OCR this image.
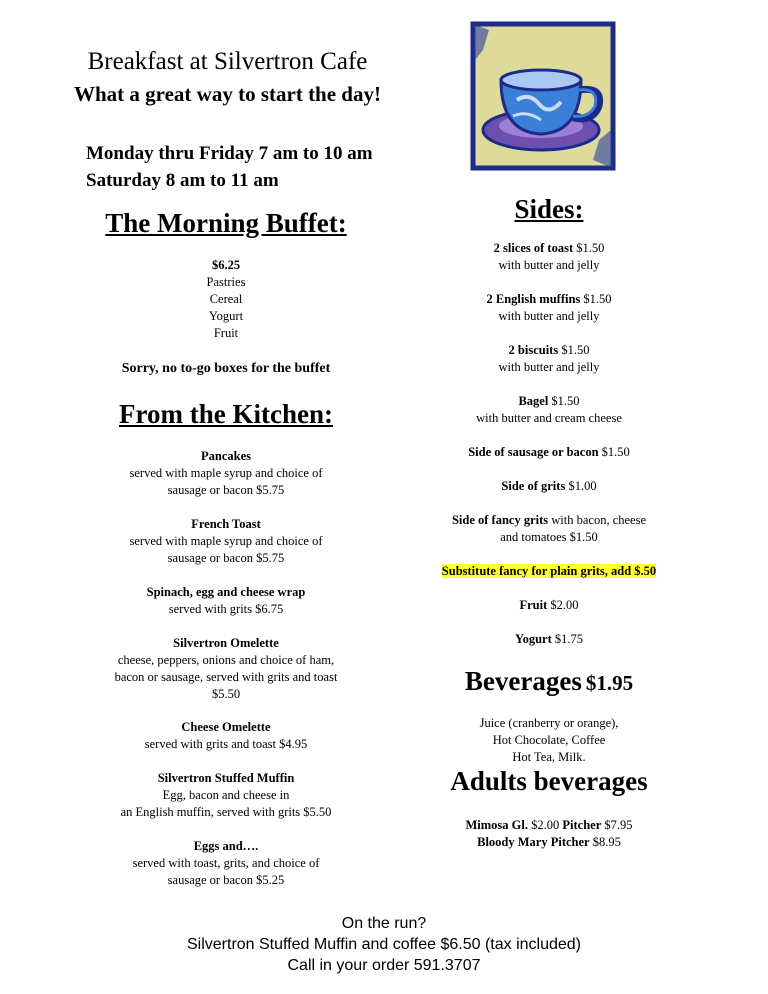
Breakfast at Silvertron Cafe
What a great way to start the day!
Monday thru Friday 7 am to 10 am
Saturday 8 am to 11 am
The Morning Buffet:
$6.25
Pastries
Cereal
Yogurt
Fruit
Sorry, no to-go boxes for the buffet
From the Kitchen:
Pancakes
served with maple syrup and choice of
sausage or bacon $5.75
French Toast
served with maple syrup and choice of
sausage or bacon $5.75
Spinach, egg and cheese wrap
served with grits $6.75
Silvertron Omelette
cheese, peppers, onions and choice of ham,
bacon or sausage, served with grits and toast
$5.50
Cheese Omelette
served with grits and toast $4.95
Silvertron Stuffed Muffin
Egg, bacon and cheese in
an English muffin, served with grits $5.50
Eggs and….
served with toast, grits, and choice of
sausage or bacon $5.25
Sides:
2 slices of toast $1.50
with butter and jelly
2 English muffins $1.50
with butter and jelly
2 biscuits $1.50
with butter and jelly
Bagel $1.50
with butter and cream cheese
Side of sausage or bacon $1.50
Side of grits $1.00
Side of fancy grits with bacon, cheese
and tomatoes $1.50
Substitute fancy for plain grits, add $.50
Fruit $2.00
Yogurt $1.75
Beverages $1.95
Juice (cranberry or orange),
Hot Chocolate, Coffee
Hot Tea, Milk.
Adults beverages
Mimosa Gl. $2.00 Pitcher $7.95
Bloody Mary Pitcher $8.95
On the run?
Silvertron Stuffed Muffin and coffee $6.50 (tax included)
Call in your order 591.3707
